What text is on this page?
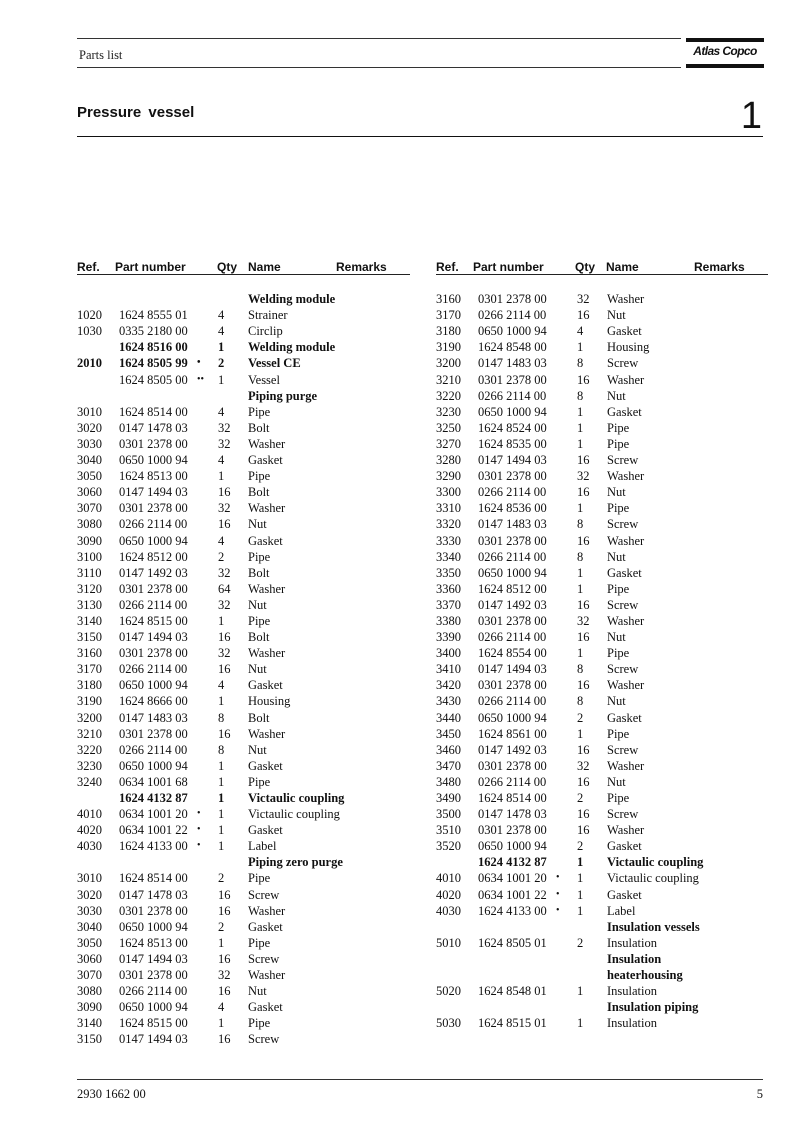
Parts list	Atlas Copco
Pressure vessel	1
Ref. Part number	Qty Name	Remarks
Welding module
1020 1624 8555 01 4 Strainer
1030 0335 2180 00 4 Circlip
1624 8516 00 1 Welding module
2010 1624 8505 99 • 2 Vessel CE
1624 8505 00 •• 1 Vessel
Piping purge
3010 1624 8514 00 4 Pipe
3020 0147 1478 03 32 Bolt
3030 0301 2378 00 32 Washer
3040 0650 1000 94 4 Gasket
3050 1624 8513 00 1 Pipe
3060 0147 1494 03 16 Bolt
3070 0301 2378 00 32 Washer
3080 0266 2114 00 16 Nut
3090 0650 1000 94 4 Gasket
3100 1624 8512 00 2 Pipe
3110 0147 1492 03 32 Bolt
3120 0301 2378 00 64 Washer
3130 0266 2114 00 32 Nut
3140 1624 8515 00 1 Pipe
3150 0147 1494 03 16 Bolt
3160 0301 2378 00 32 Washer
3170 0266 2114 00 16 Nut
3180 0650 1000 94 4 Gasket
3190 1624 8666 00 1 Housing
3200 0147 1483 03 8 Bolt
3210 0301 2378 00 16 Washer
3220 0266 2114 00 8 Nut
3230 0650 1000 94 1 Gasket
3240 0634 1001 68 1 Pipe
1624 4132 87 1 Victaulic coupling
4010 0634 1001 20 • 1 Victaulic coupling
4020 0634 1001 22 • 1 Gasket
4030 1624 4133 00 • 1 Label
Piping zero purge
3010 1624 8514 00 2 Pipe
3020 0147 1478 03 16 Screw
3030 0301 2378 00 16 Washer
3040 0650 1000 94 2 Gasket
3050 1624 8513 00 1 Pipe
3060 0147 1494 03 16 Screw
3070 0301 2378 00 32 Washer
3080 0266 2114 00 16 Nut
3090 0650 1000 94 4 Gasket
3140 1624 8515 00 1 Pipe
3150 0147 1494 03 16 Screw
Ref. Part number	Qty Name	Remarks
3160 0301 2378 00 32 Washer
3170 0266 2114 00 16 Nut
3180 0650 1000 94 4 Gasket
3190 1624 8548 00 1 Housing
3200 0147 1483 03 8 Screw
3210 0301 2378 00 16 Washer
3220 0266 2114 00 8 Nut
3230 0650 1000 94 1 Gasket
3250 1624 8524 00 1 Pipe
3270 1624 8535 00 1 Pipe
3280 0147 1494 03 16 Screw
3290 0301 2378 00 32 Washer
3300 0266 2114 00 16 Nut
3310 1624 8536 00 1 Pipe
3320 0147 1483 03 8 Screw
3330 0301 2378 00 16 Washer
3340 0266 2114 00 8 Nut
3350 0650 1000 94 1 Gasket
3360 1624 8512 00 1 Pipe
3370 0147 1492 03 16 Screw
3380 0301 2378 00 32 Washer
3390 0266 2114 00 16 Nut
3400 1624 8554 00 1 Pipe
3410 0147 1494 03 8 Screw
3420 0301 2378 00 16 Washer
3430 0266 2114 00 8 Nut
3440 0650 1000 94 2 Gasket
3450 1624 8561 00 1 Pipe
3460 0147 1492 03 16 Screw
3470 0301 2378 00 32 Washer
3480 0266 2114 00 16 Nut
3490 1624 8514 00 2 Pipe
3500 0147 1478 03 16 Screw
3510 0301 2378 00 16 Washer
3520 0650 1000 94 2 Gasket
1624 4132 87 1 Victaulic coupling
4010 0634 1001 20 • 1 Victaulic coupling
4020 0634 1001 22 • 1 Gasket
4030 1624 4133 00 • 1 Label
Insulation vessels
5010 1624 8505 01 2 Insulation
Insulation
heaterhousing
5020 1624 8548 01 1 Insulation
Insulation piping
5030 1624 8515 01 1 Insulation
2930 1662 00	5
